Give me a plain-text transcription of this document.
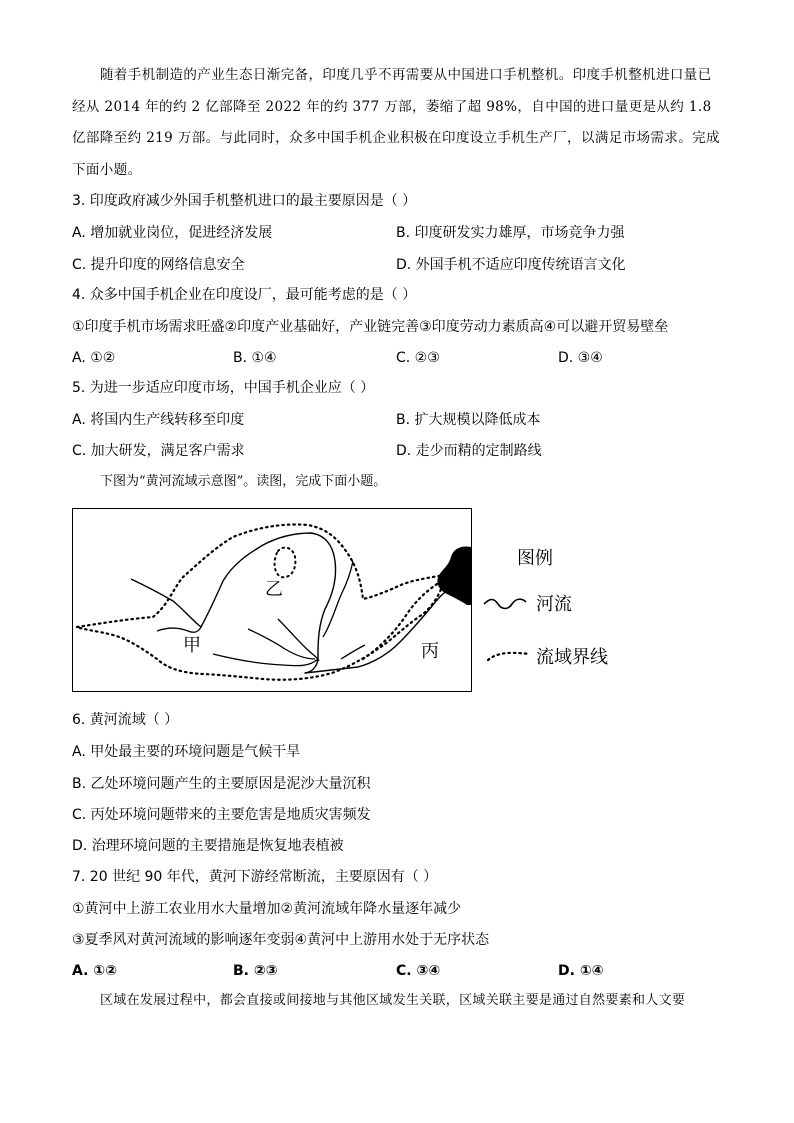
随着手机制造的产业生态日渐完备，印度几乎不再需要从中国进口手机整机。印度手机整机进口量已经从 2014 年的约 2 亿部降至 2022 年的约 377 万部，萎缩了超 98%，自中国的进口量更是从约 1.8 亿部降至约 219 万部。与此同时，众多中国手机企业积极在印度设立手机生产厂，以满足市场需求。完成下面小题。
3. 印度政府减少外国手机整机进口的最主要原因是（ ）
A. 增加就业岗位，促进经济发展	B. 印度研发实力雄厚，市场竞争力强
C. 提升印度的网络信息安全	D. 外国手机不适应印度传统语言文化
4. 众多中国手机企业在印度设厂，最可能考虑的是（ ）
①印度手机市场需求旺盛②印度产业基础好，产业链完善③印度劳动力素质高④可以避开贸易壁垒
A. ①②	B. ①④	C. ②③	D. ③④
5. 为进一步适应印度市场，中国手机企业应（ ）
A. 将国内生产线转移至印度	B. 扩大规模以降低成本
C. 加大研发，满足客户需求	D. 走少而精的定制路线
下图为“黄河流域示意图”。读图，完成下面小题。
甲
乙
丙
图例
河流
流域界线
6. 黄河流域（ ）
A. 甲处最主要的环境问题是气候干旱
B. 乙处环境问题产生的主要原因是泥沙大量沉积
C. 丙处环境问题带来的主要危害是地质灾害频发
D. 治理环境问题的主要措施是恢复地表植被
7. 20 世纪 90 年代，黄河下游经常断流，主要原因有（ ）
①黄河中上游工农业用水大量增加②黄河流域年降水量逐年减少
③夏季风对黄河流域的影响逐年变弱④黄河中上游用水处于无序状态
A. ①②	B. ②③	C. ③④	D. ①④
区域在发展过程中，都会直接或间接地与其他区域发生关联，区域关联主要是通过自然要素和人文要
